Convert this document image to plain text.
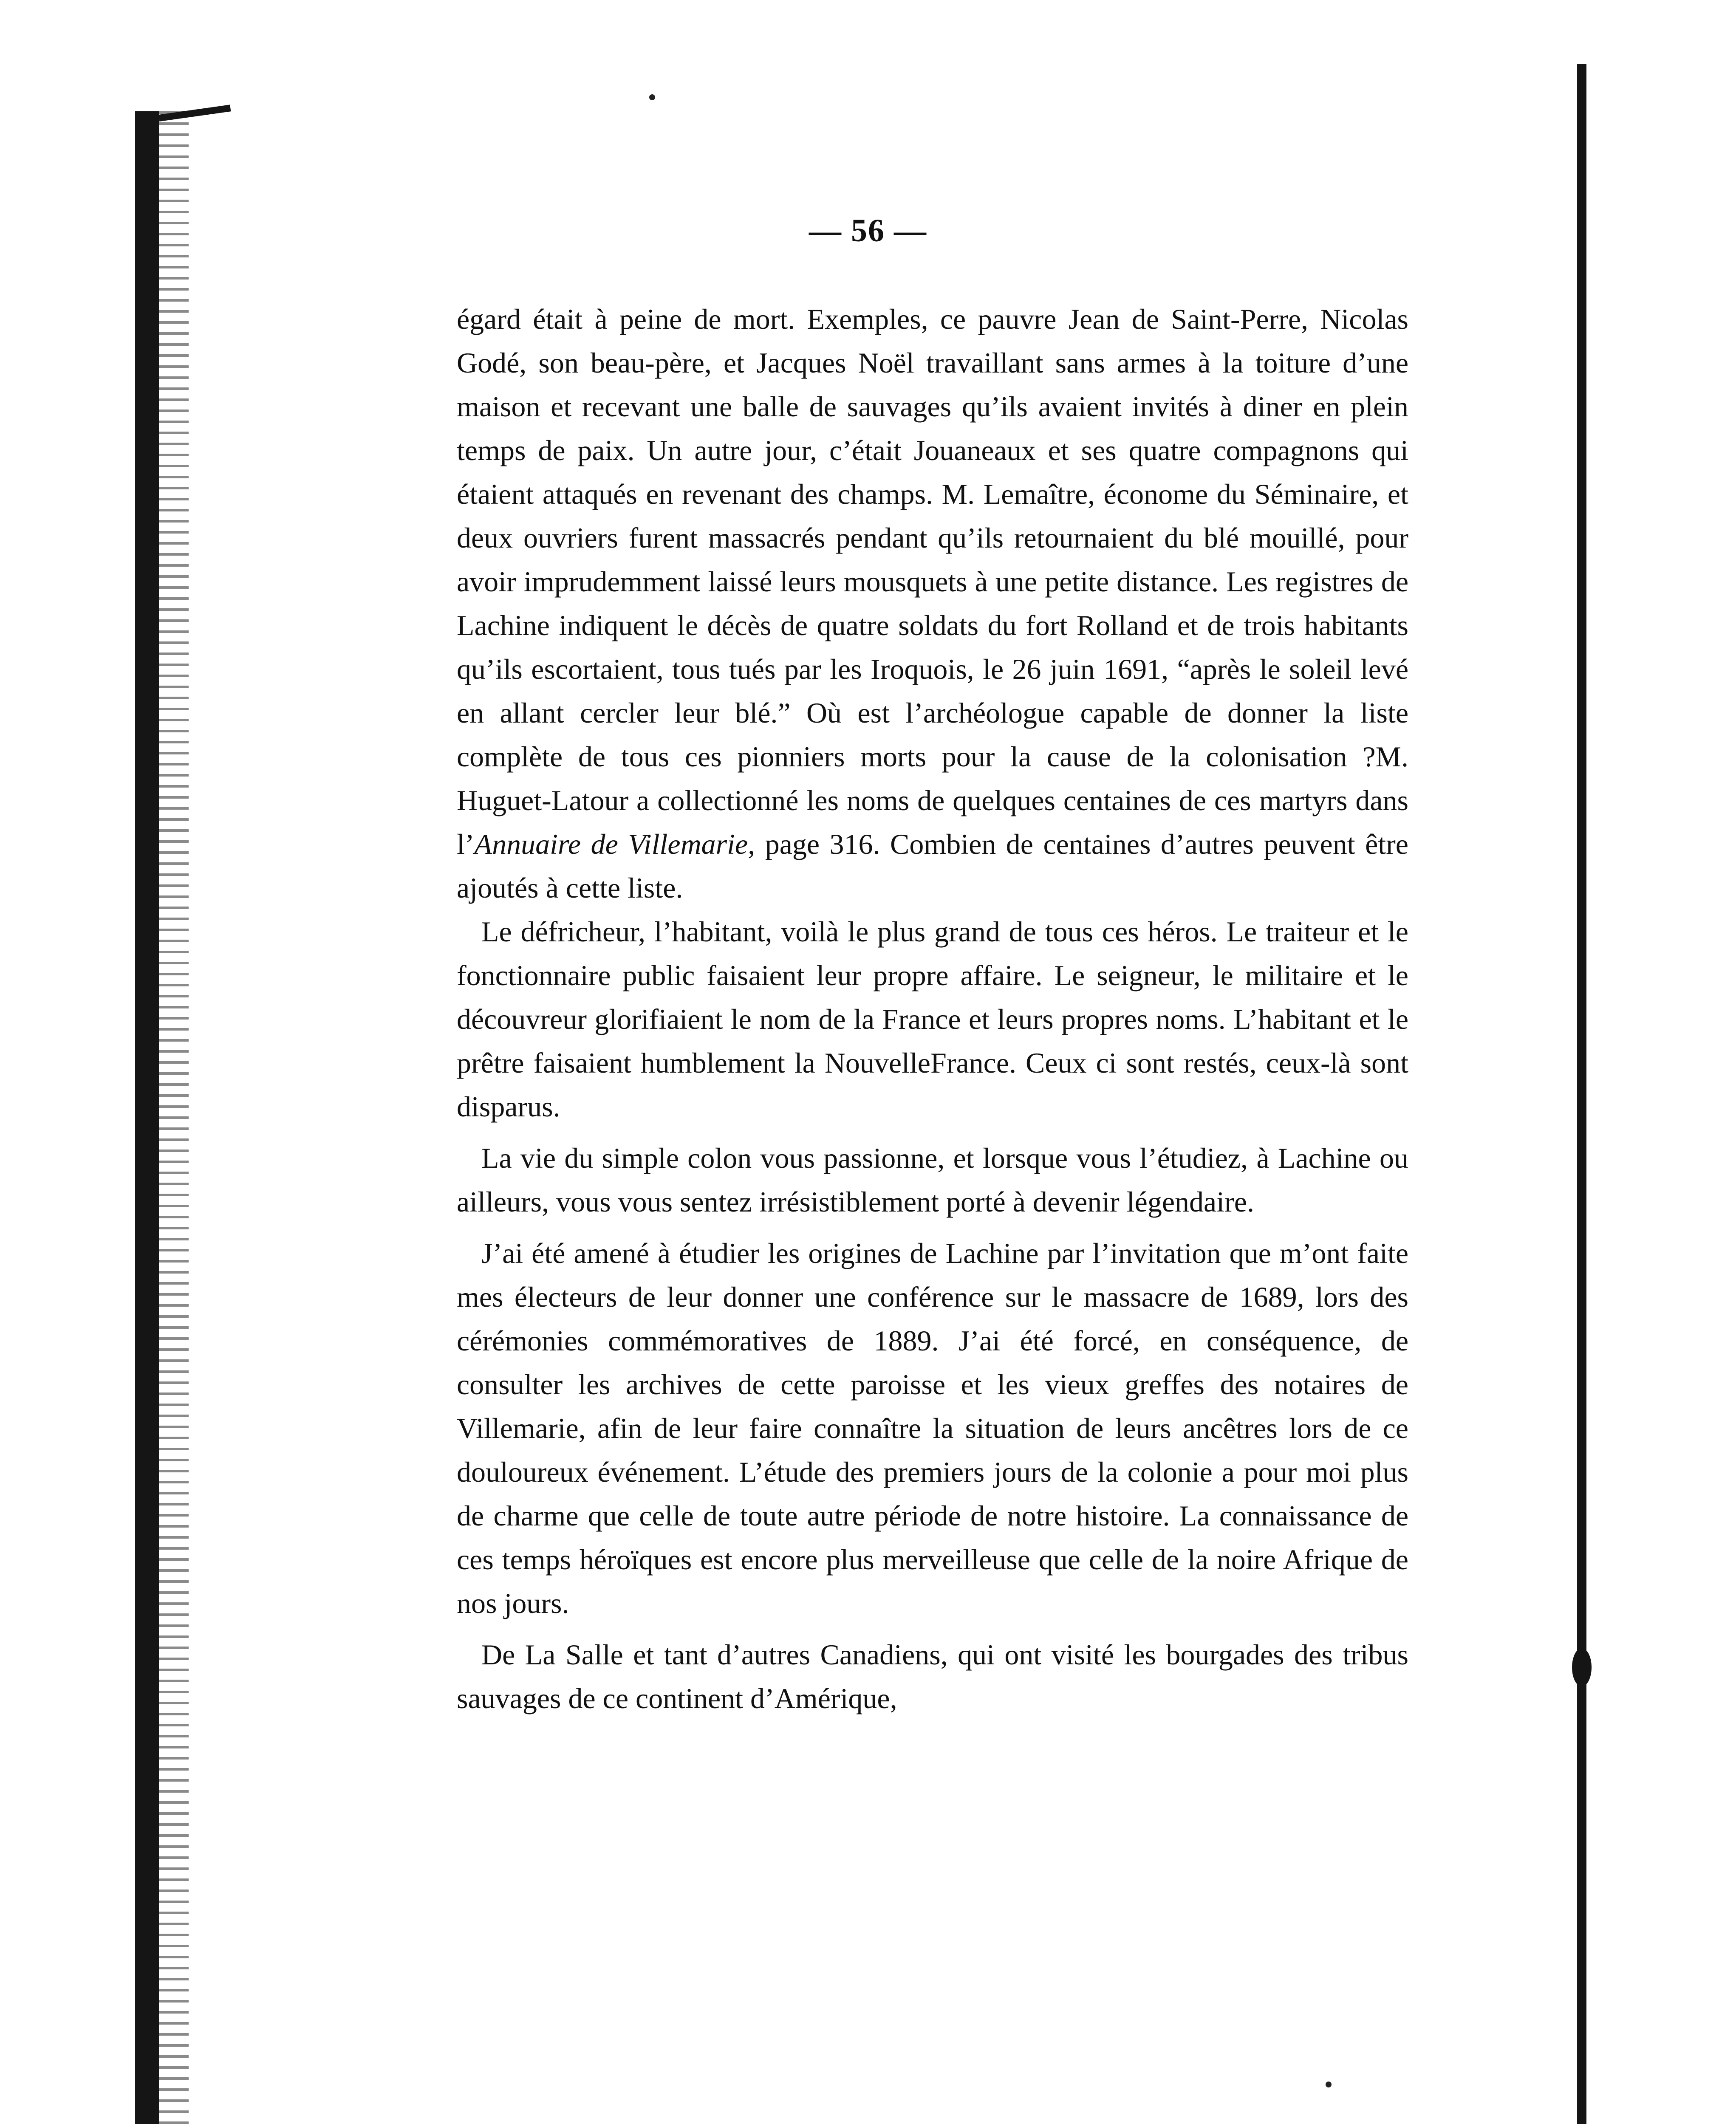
— 56 —

égard était à peine de mort. Exemples, ce pauvre Jean de Saint-Perre, Nicolas Godé, son beau-père, et Jacques Noël travaillant sans armes à la toiture d’une maison et recevant une balle de sauvages qu’ils avaient invités à diner en plein temps de paix. Un autre jour, c’était Jouaneaux et ses quatre compagnons qui étaient attaqués en revenant des champs. M. Lemaître, économe du Séminaire, et deux ouvriers furent massacrés pendant qu’ils retournaient du blé mouillé, pour avoir imprudemment laissé leurs mousquets à une petite distance. Les registres de Lachine indiquent le décès de quatre soldats du fort Rolland et de trois habitants qu’ils escortaient, tous tués par les Iroquois, le 26 juin 1691, “après le soleil levé en allant cercler leur blé.” Où est l’archéologue capable de donner la liste complète de tous ces pionniers morts pour la cause de la colonisation ?M. Huguet-Latour a collectionné les noms de quelques centaines de ces martyrs dans l’Annuaire de Villemarie, page 316. Combien de centaines d’autres peuvent être ajoutés à cette liste.

Le défricheur, l’habitant, voilà le plus grand de tous ces héros. Le traiteur et le fonctionnaire public faisaient leur propre affaire. Le seigneur, le militaire et le découvreur glorifiaient le nom de la France et leurs propres noms. L’habitant et le prêtre faisaient humblement la NouvelleFrance. Ceux ci sont restés, ceux-là sont disparus.

La vie du simple colon vous passionne, et lorsque vous l’étudiez, à Lachine ou ailleurs, vous vous sentez irrésistiblement porté à devenir légendaire.

J’ai été amené à étudier les origines de Lachine par l’invitation que m’ont faite mes électeurs de leur donner une conférence sur le massacre de 1689, lors des cérémonies commémoratives de 1889. J’ai été forcé, en conséquence, de consulter les archives de cette paroisse et les vieux greffes des notaires de Villemarie, afin de leur faire connaître la situation de leurs ancêtres lors de ce douloureux événement. L’étude des premiers jours de la colonie a pour moi plus de charme que celle de toute autre période de notre histoire. La connaissance de ces temps héroïques est encore plus merveilleuse que celle de la noire Afrique de nos jours.

De La Salle et tant d’autres Canadiens, qui ont visité les bourgades des tribus sauvages de ce continent d’Amérique,
